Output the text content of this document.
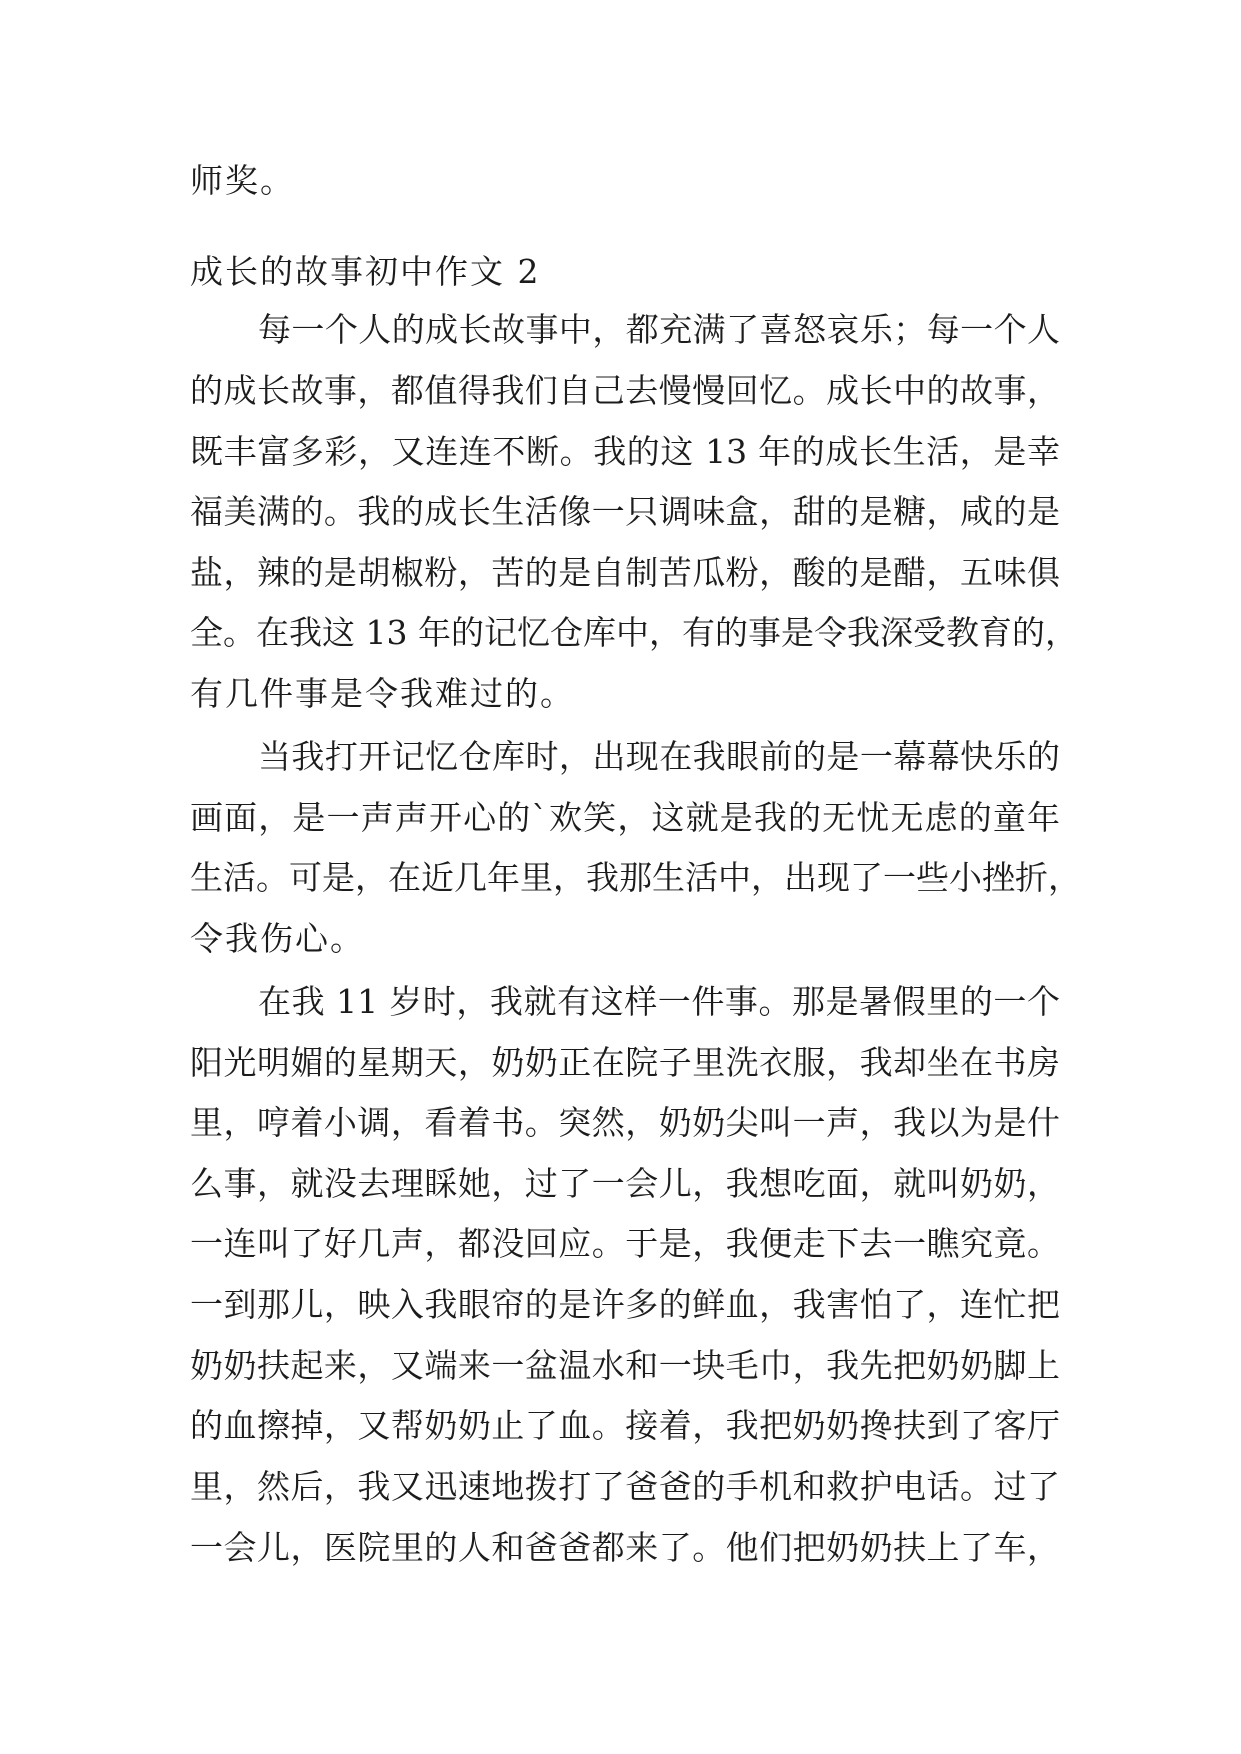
师奖。
成长的故事初中作文 2
每一个人的成长故事中，都充满了喜怒哀乐；每一个人
的成长故事，都值得我们自己去慢慢回忆。成长中的故事，
既丰富多彩，又连连不断。我的这 13 年的成长生活，是幸
福美满的。我的成长生活像一只调味盒，甜的是糖，咸的是
盐，辣的是胡椒粉，苦的是自制苦瓜粉，酸的是醋，五味俱
全。在我这 13 年的记忆仓库中，有的事是令我深受教育的，
有几件事是令我难过的。
当我打开记忆仓库时，出现在我眼前的是一幕幕快乐的
画面，是一声声开心的`欢笑，这就是我的无忧无虑的童年
生活。可是，在近几年里，我那生活中，出现了一些小挫折，
令我伤心。
在我 11 岁时，我就有这样一件事。那是暑假里的一个
阳光明媚的星期天，奶奶正在院子里洗衣服，我却坐在书房
里，哼着小调，看着书。突然，奶奶尖叫一声，我以为是什
么事，就没去理睬她，过了一会儿，我想吃面，就叫奶奶，
一连叫了好几声，都没回应。于是，我便走下去一瞧究竟。
一到那儿，映入我眼帘的是许多的鲜血，我害怕了，连忙把
奶奶扶起来，又端来一盆温水和一块毛巾，我先把奶奶脚上
的血擦掉，又帮奶奶止了血。接着，我把奶奶搀扶到了客厅
里，然后，我又迅速地拨打了爸爸的手机和救护电话。过了
一会儿，医院里的人和爸爸都来了。他们把奶奶扶上了车，
